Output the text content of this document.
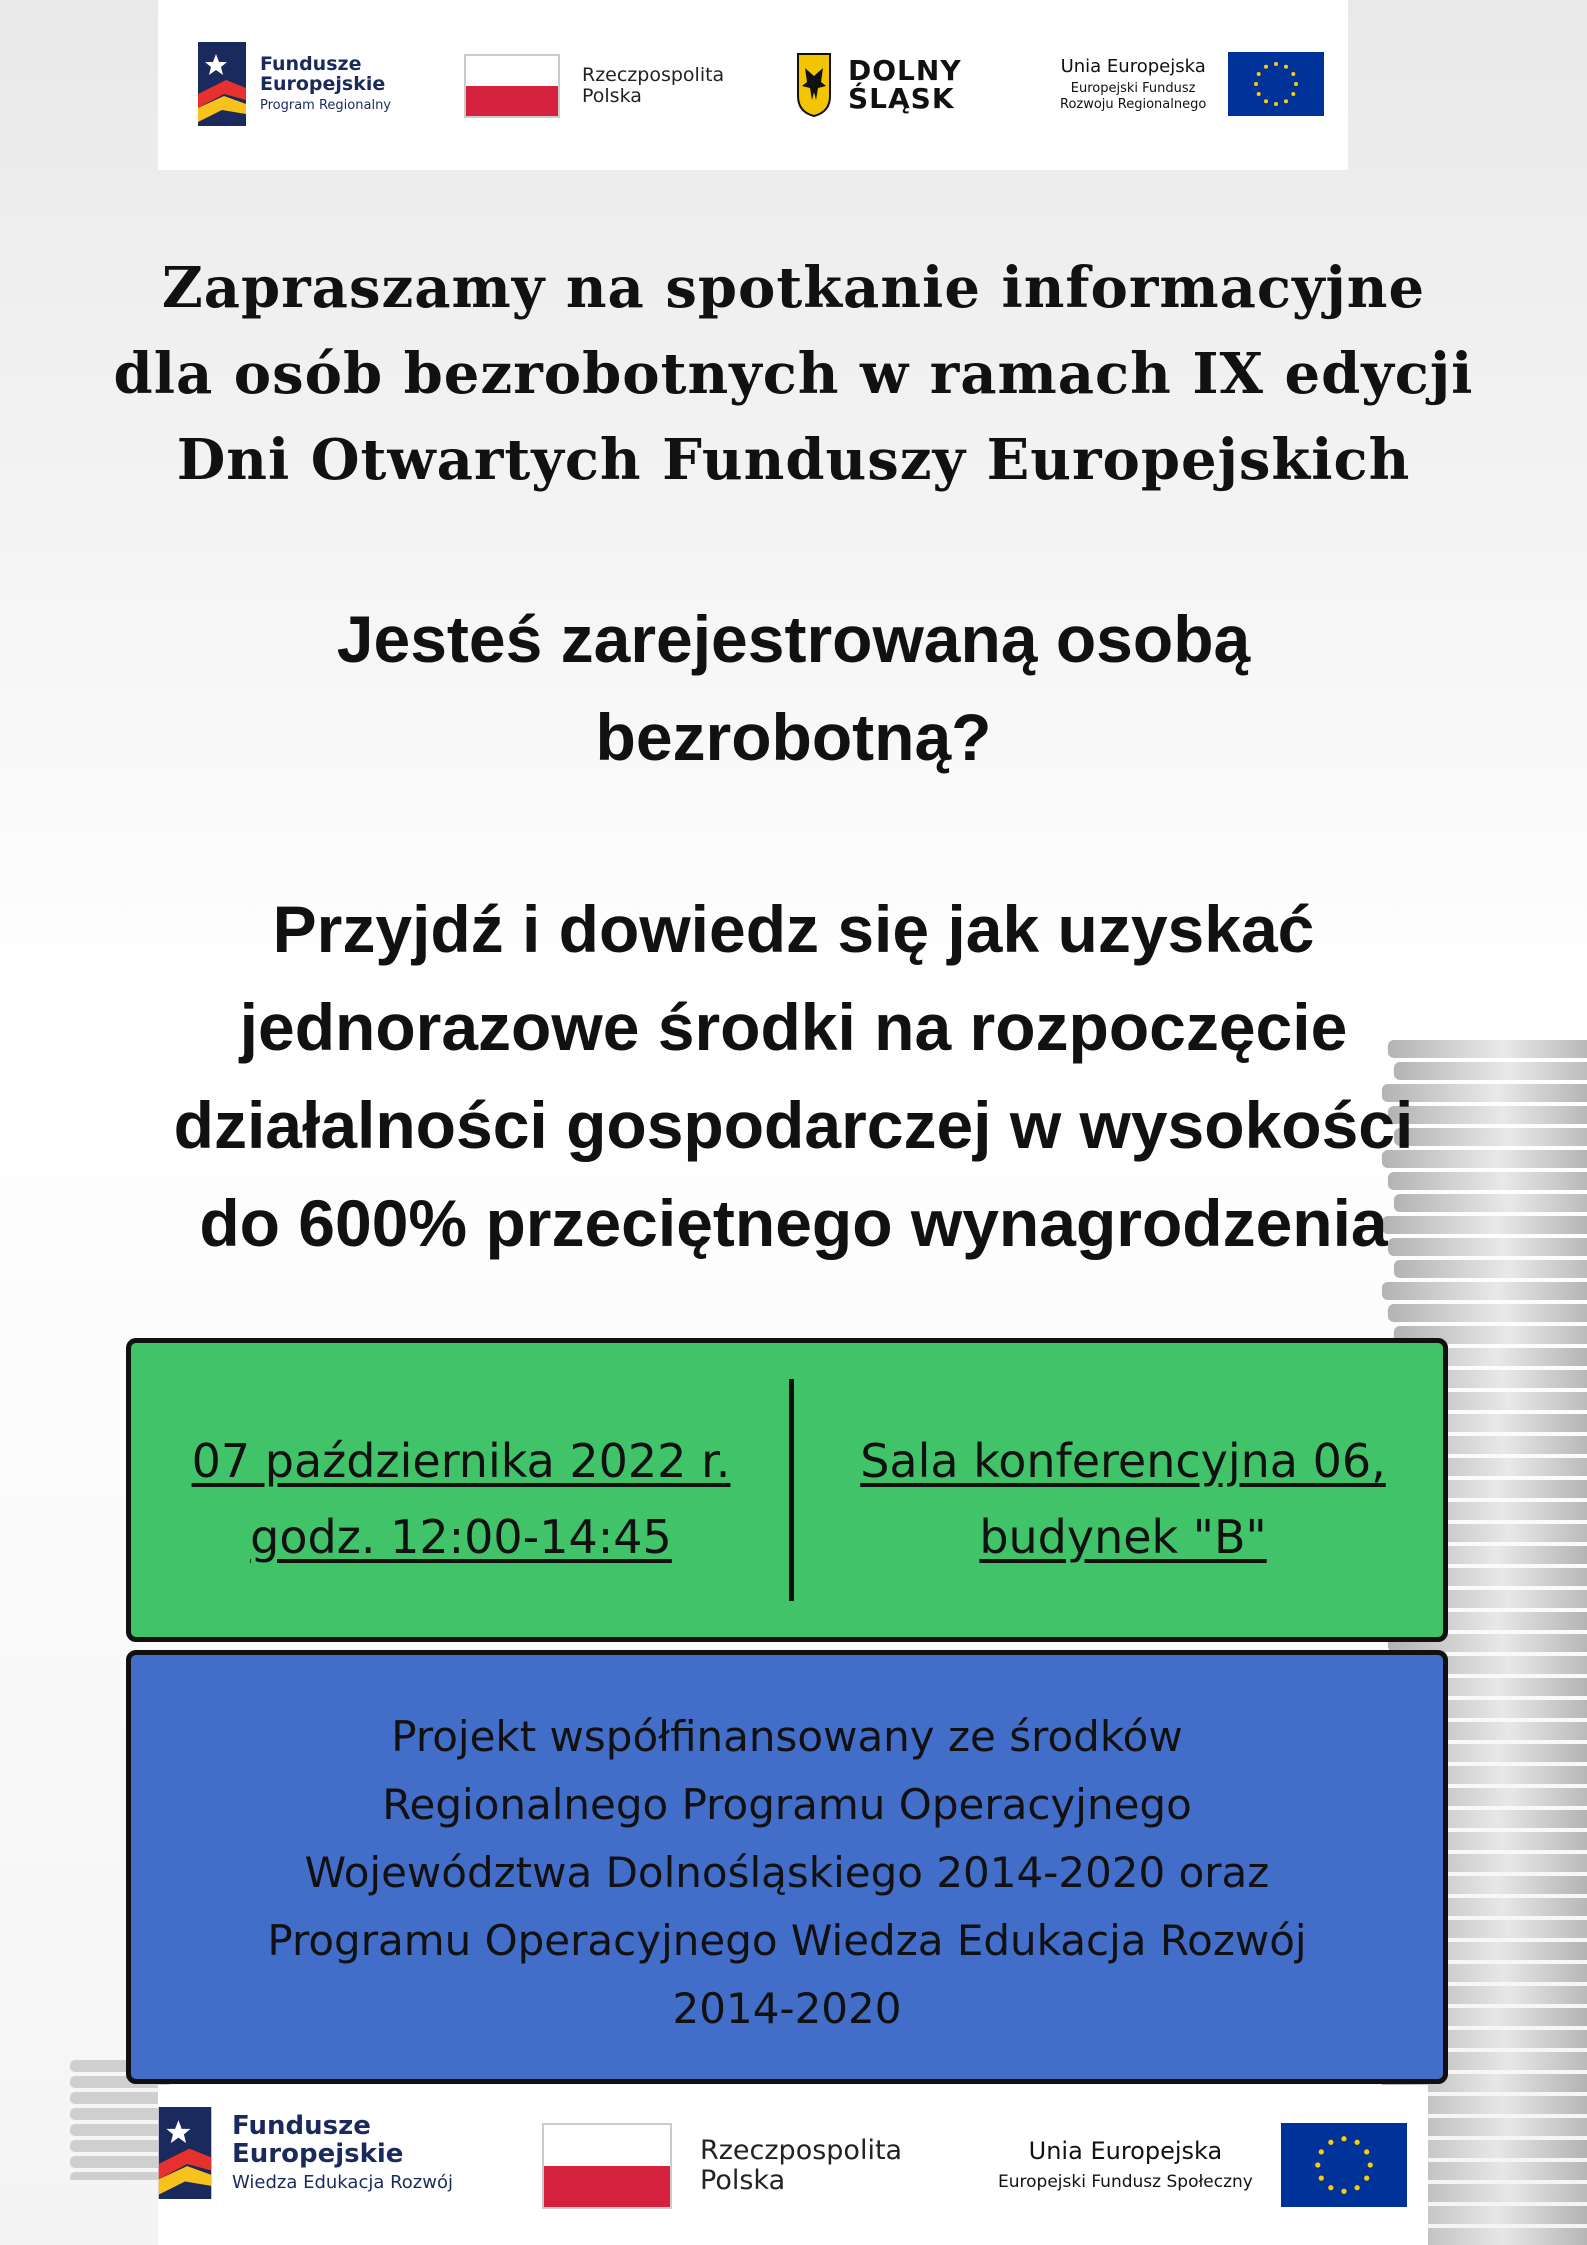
Fundusze
Europejskie
Program Regionalny
Rzeczpospolita
Polska
DOLNY
ŚLĄSK
Unia Europejska
Europejski Fundusz
Rozwoju Regionalnego
Zapraszamy na spotkanie informacyjne
dla osób bezrobotnych w ramach IX edycji
Dni Otwartych Funduszy Europejskich
Jesteś zarejestrowaną osobą
bezrobotną?
Przyjdź i dowiedz się jak uzyskać
jednorazowe środki na rozpoczęcie
działalności gospodarczej w wysokości
do 600% przeciętnego wynagrodzenia
07 października 2022 r.
godz. 12:00-14:45
Sala konferencyjna 06,
budynek "B"
Projekt współfinansowany ze środków
Regionalnego Programu Operacyjnego
Województwa Dolnośląskiego 2014-2020 oraz
Programu Operacyjnego Wiedza Edukacja Rozwój
2014-2020
Fundusze
Europejskie
Wiedza Edukacja Rozwój
Rzeczpospolita
Polska
Unia Europejska
Europejski Fundusz Społeczny
